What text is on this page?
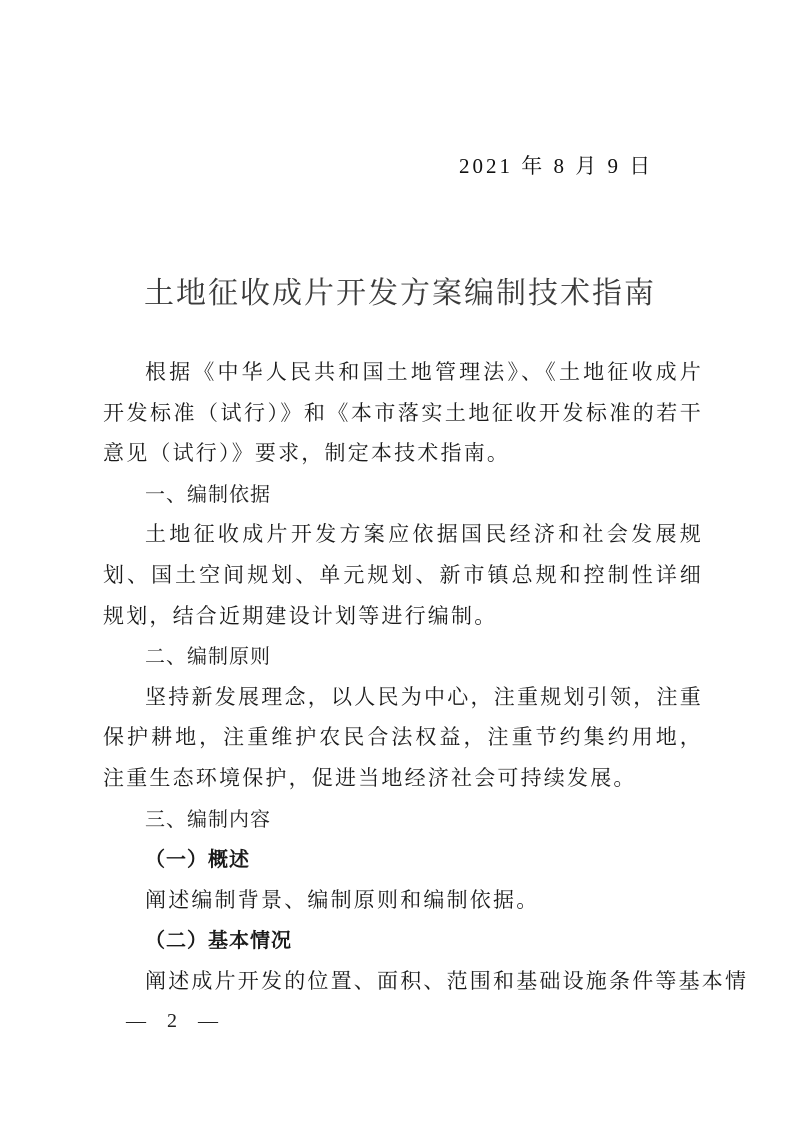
2021 年 8 月 9 日
土地征收成片开发方案编制技术指南

根据《中华人民共和国土地管理法》、《土地征收成片开发标准（试行）》和《本市落实土地征收开发标准的若干意见（试行）》要求，制定本技术指南。

一、编制依据

土地征收成片开发方案应依据国民经济和社会发展规划、国土空间规划、单元规划、新市镇总规和控制性详细规划，结合近期建设计划等进行编制。

二、编制原则

坚持新发展理念，以人民为中心，注重规划引领，注重保护耕地，注重维护农民合法权益，注重节约集约用地，注重生态环境保护，促进当地经济社会可持续发展。

三、编制内容

（一）概述

阐述编制背景、编制原则和编制依据。

（二）基本情况

阐述成片开发的位置、面积、范围和基础设施条件等基本情

— 2 —
